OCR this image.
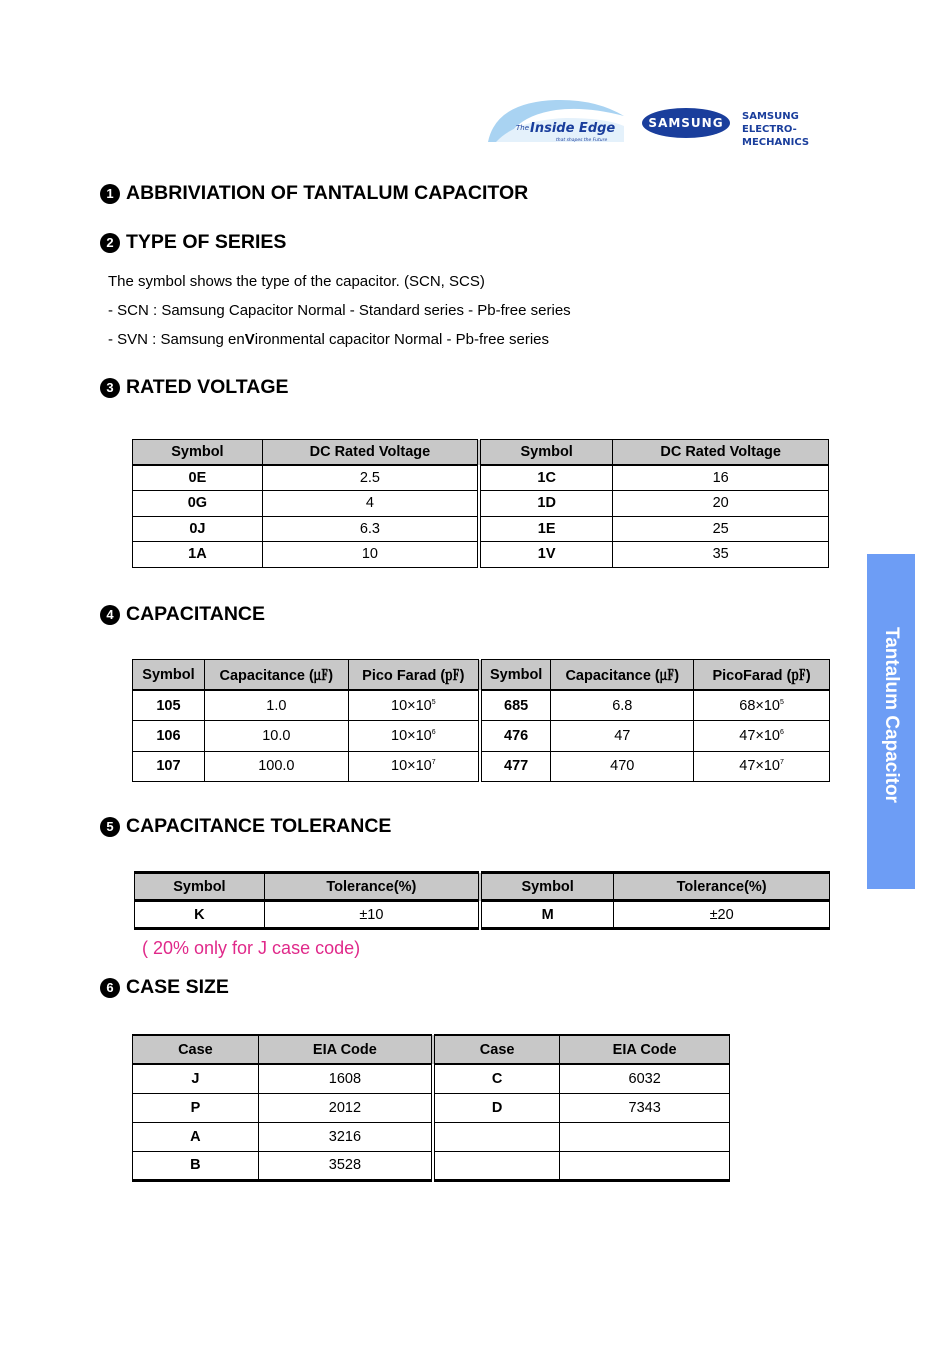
The Inside Edge
that shapes the Future
SAMSUNG	SAMSUNG
ELECTRO-MECHANICS
1 ABBRIVIATION OF TANTALUM CAPACITOR
2 TYPE OF SERIES
The symbol shows the type of the capacitor. (SCN, SCS)
- SCN : Samsung Capacitor Normal - Standard series - Pb-free series
- SVN : Samsung enVironmental capacitor Normal - Pb-free series
3 RATED VOLTAGE
Symbol	DC Rated Voltage	Symbol	DC Rated Voltage
0E	2.5	1C	16
0G	4	1D	20
0J	6.3	1E	25
1A	10	1V	35
4 CAPACITANCE
Symbol	Capacitance (㎌)	Pico Farad (㎊)	Symbol	Capacitance (㎌)	PicoFarad (㎊)
105	1.0	$10\times 10^5$	685	6.8	$68\times 10^5$
106	10.0	$10\times 10^6$	476	47	$47\times 10^6$
107	100.0	$10\times 10^7$	477	470	$47\times 10^7$
5 CAPACITANCE TOLERANCE
Symbol	Tolerance(%)	Symbol	Tolerance(%)
K	±10	M	±20
( 20% only for J case code)
6 CASE SIZE
Case	EIA Code	Case	EIA Code
J	1608	C	6032
P	2012	D	7343
A	3216		
B	3528		
Tantalum Capacitor
